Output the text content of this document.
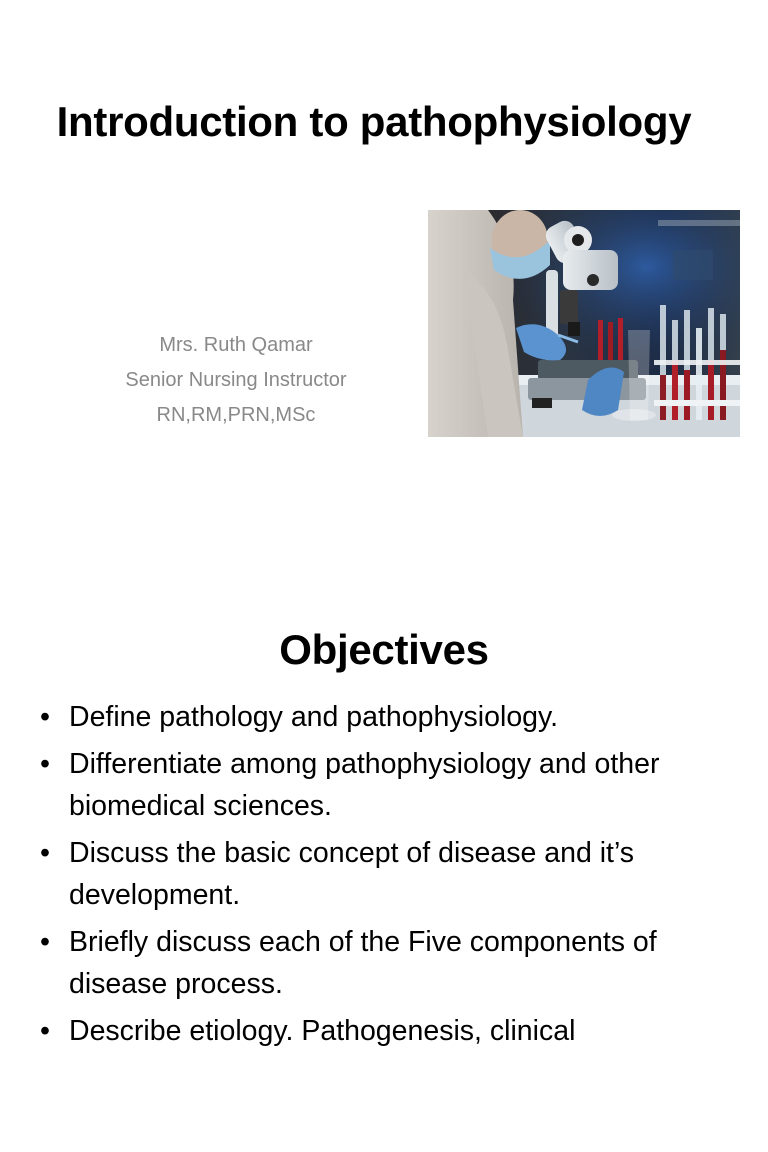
Introduction to pathophysiology
Mrs. Ruth Qamar
Senior Nursing Instructor
RN,RM,PRN,MSc
Objectives
• Define pathology and pathophysiology.
• Differentiate among pathophysiology and other biomedical sciences.
• Discuss the basic concept of disease and it’s development.
• Briefly discuss each of the Five components of disease process.
• Describe etiology. Pathogenesis, clinical
